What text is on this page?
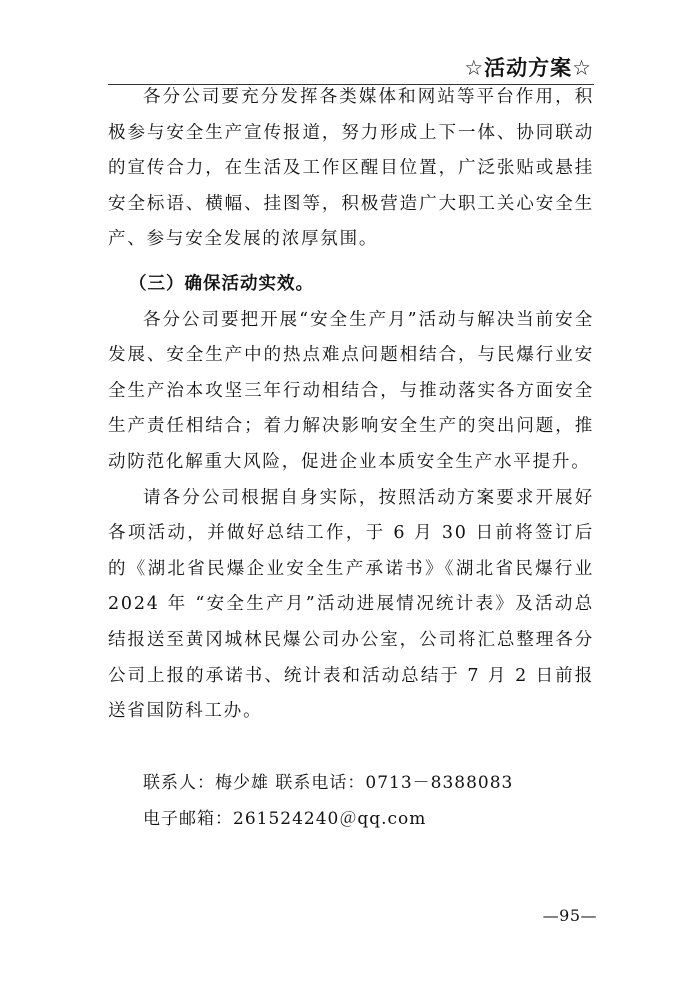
☆活动方案☆

各分公司要充分发挥各类媒体和网站等平台作用，积极参与安全生产宣传报道，努力形成上下一体、协同联动的宣传合力，在生活及工作区醒目位置，广泛张贴或悬挂安全标语、横幅、挂图等，积极营造广大职工关心安全生产、参与安全发展的浓厚氛围。

（三）确保活动实效。

各分公司要把开展“安全生产月”活动与解决当前安全发展、安全生产中的热点难点问题相结合，与民爆行业安全生产治本攻坚三年行动相结合，与推动落实各方面安全生产责任相结合；着力解决影响安全生产的突出问题，推动防范化解重大风险，促进企业本质安全生产水平提升。

请各分公司根据自身实际，按照活动方案要求开展好各项活动，并做好总结工作，于 6 月 30 日前将签订后的《湖北省民爆企业安全生产承诺书》《湖北省民爆行业 2024 年 “安全生产月”活动进展情况统计表》及活动总结报送至黄冈城林民爆公司办公室，公司将汇总整理各分公司上报的承诺书、统计表和活动总结于 7 月 2 日前报送省国防科工办。

联系人：梅少雄 联系电话：0713－8388083
电子邮箱：261524240＠qq.com
—95—
